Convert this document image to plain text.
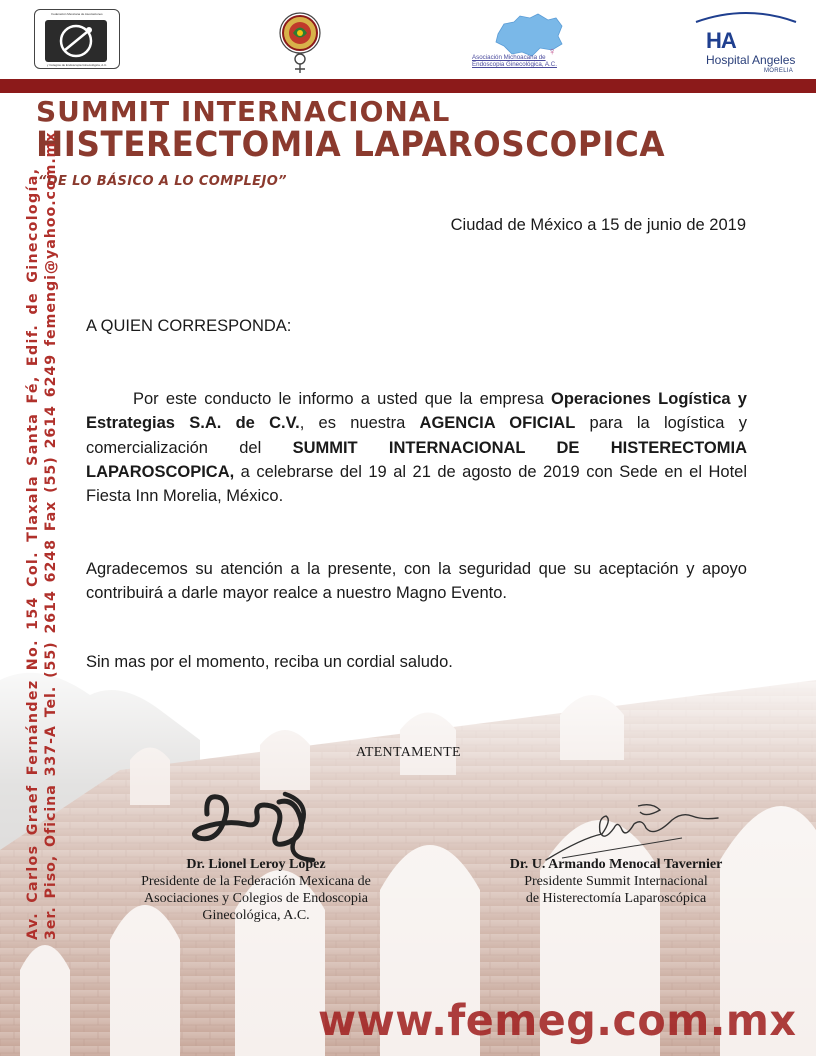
Federación Mexicana de Asociaciones
y Colegios de Endoscopia Ginecológica, A.C.
♀
Asociación Michoacana de Endoscopia Ginecológica, A.C.
HA
Hospital Angeles
MORELIA
SUMMIT INTERNACIONAL
HISTERECTOMIA LAPAROSCOPICA
“DE LO BÁSICO A LO COMPLEJO”
Av. Carlos Graef Fernández No. 154 Col. Tlaxala Santa Fé, Edif. de Ginecología, 3er. Piso, Oficina 337-A Tel. (55) 2614 6248 Fax (55) 2614 6249 femengi@yahoo.com.mx	Ciudad de México a 15 de junio de 2019
A QUIEN CORRESPONDA:

Por este conducto le informo a usted que la empresa Operaciones Logística y Estrategias S.A. de C.V., es nuestra AGENCIA OFICIAL para la logística y comercialización del SUMMIT INTERNACIONAL DE HISTERECTOMIA LAPAROSCOPICA, a celebrarse del 19 al 21 de agosto de 2019 con Sede en el Hotel Fiesta Inn Morelia, México.

Agradecemos su atención a la presente, con la seguridad que su aceptación y apoyo contribuirá a darle mayor realce a nuestro Magno Evento.

Sin mas por el momento, reciba un cordial saludo.

ATENTAMENTE
Dr. Lionel Leroy Lopez
Presidente de la Federación Mexicana de
Asociaciones y Colegios de Endoscopia
Ginecológica, A.C.
Dr. U. Armando Menocal Tavernier
Presidente Summit Internacional
de Histerectomía Laparoscópica
www.femeg.com.mx
